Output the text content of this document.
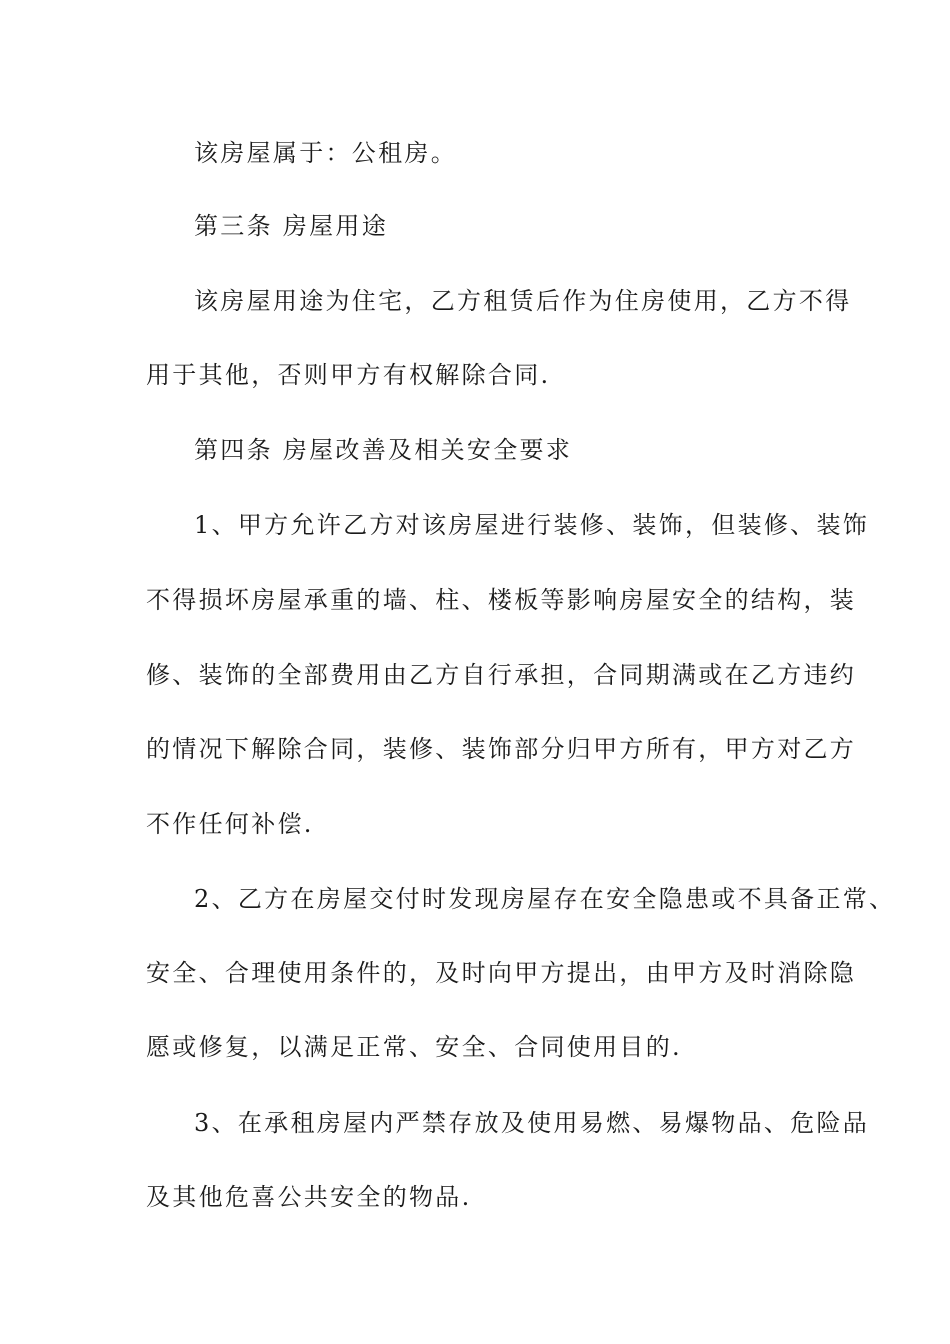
该房屋属于：公租房。
第三条 房屋用途
该房屋用途为住宅，乙方租赁后作为住房使用，乙方不得
用于其他，否则甲方有权解除合同.
第四条 房屋改善及相关安全要求
1、甲方允许乙方对该房屋进行装修、装饰，但装修、装饰
不得损坏房屋承重的墙、柱、楼板等影响房屋安全的结构，装
修、装饰的全部费用由乙方自行承担，合同期满或在乙方违约
的情况下解除合同，装修、装饰部分归甲方所有，甲方对乙方
不作任何补偿.
2、乙方在房屋交付时发现房屋存在安全隐患或不具备正常、
安全、合理使用条件的，及时向甲方提出，由甲方及时消除隐
愿或修复，以满足正常、安全、合同使用目的.
3、在承租房屋内严禁存放及使用易燃、易爆物品、危险品
及其他危喜公共安全的物品.
